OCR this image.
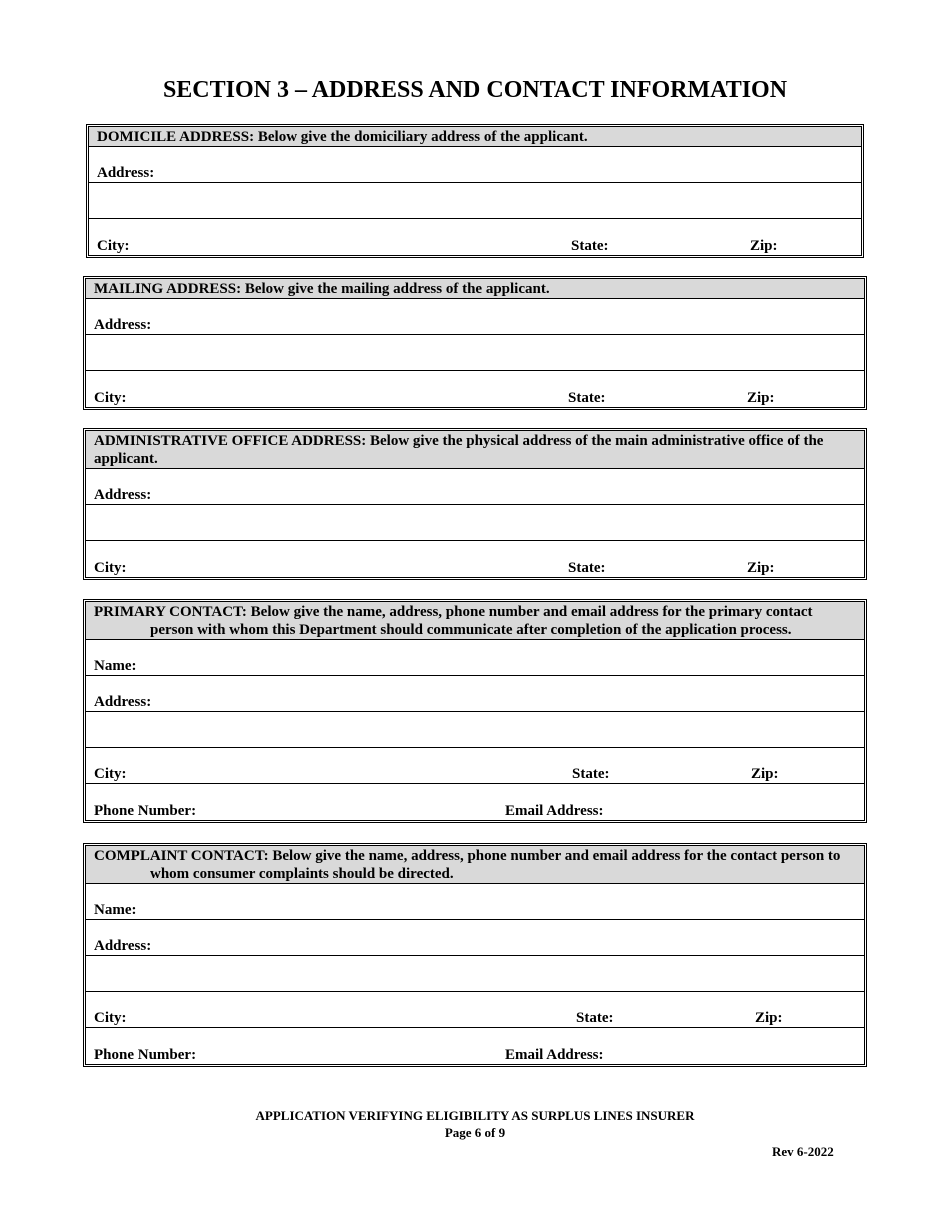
SECTION 3 – ADDRESS AND CONTACT INFORMATION
DOMICILE ADDRESS: Below give the domiciliary address of the applicant.
Address:
City:	State:	Zip:
MAILING ADDRESS: Below give the mailing address of the applicant.
Address:
City:	State:	Zip:
ADMINISTRATIVE OFFICE ADDRESS: Below give the physical address of the main administrative office of the applicant.
Address:
City:	State:	Zip:
PRIMARY CONTACT: Below give the name, address, phone number and email address for the primary contact person with whom this Department should communicate after completion of the application process.
Name:
Address:
City:	State:	Zip:
Phone Number:	Email Address:
COMPLAINT CONTACT: Below give the name, address, phone number and email address for the contact person to whom consumer complaints should be directed.
Name:
Address:
City:	State:	Zip:
Phone Number:	Email Address:
APPLICATION VERIFYING ELIGIBILITY AS SURPLUS LINES INSURER
Page 6 of 9
Rev 6-2022
